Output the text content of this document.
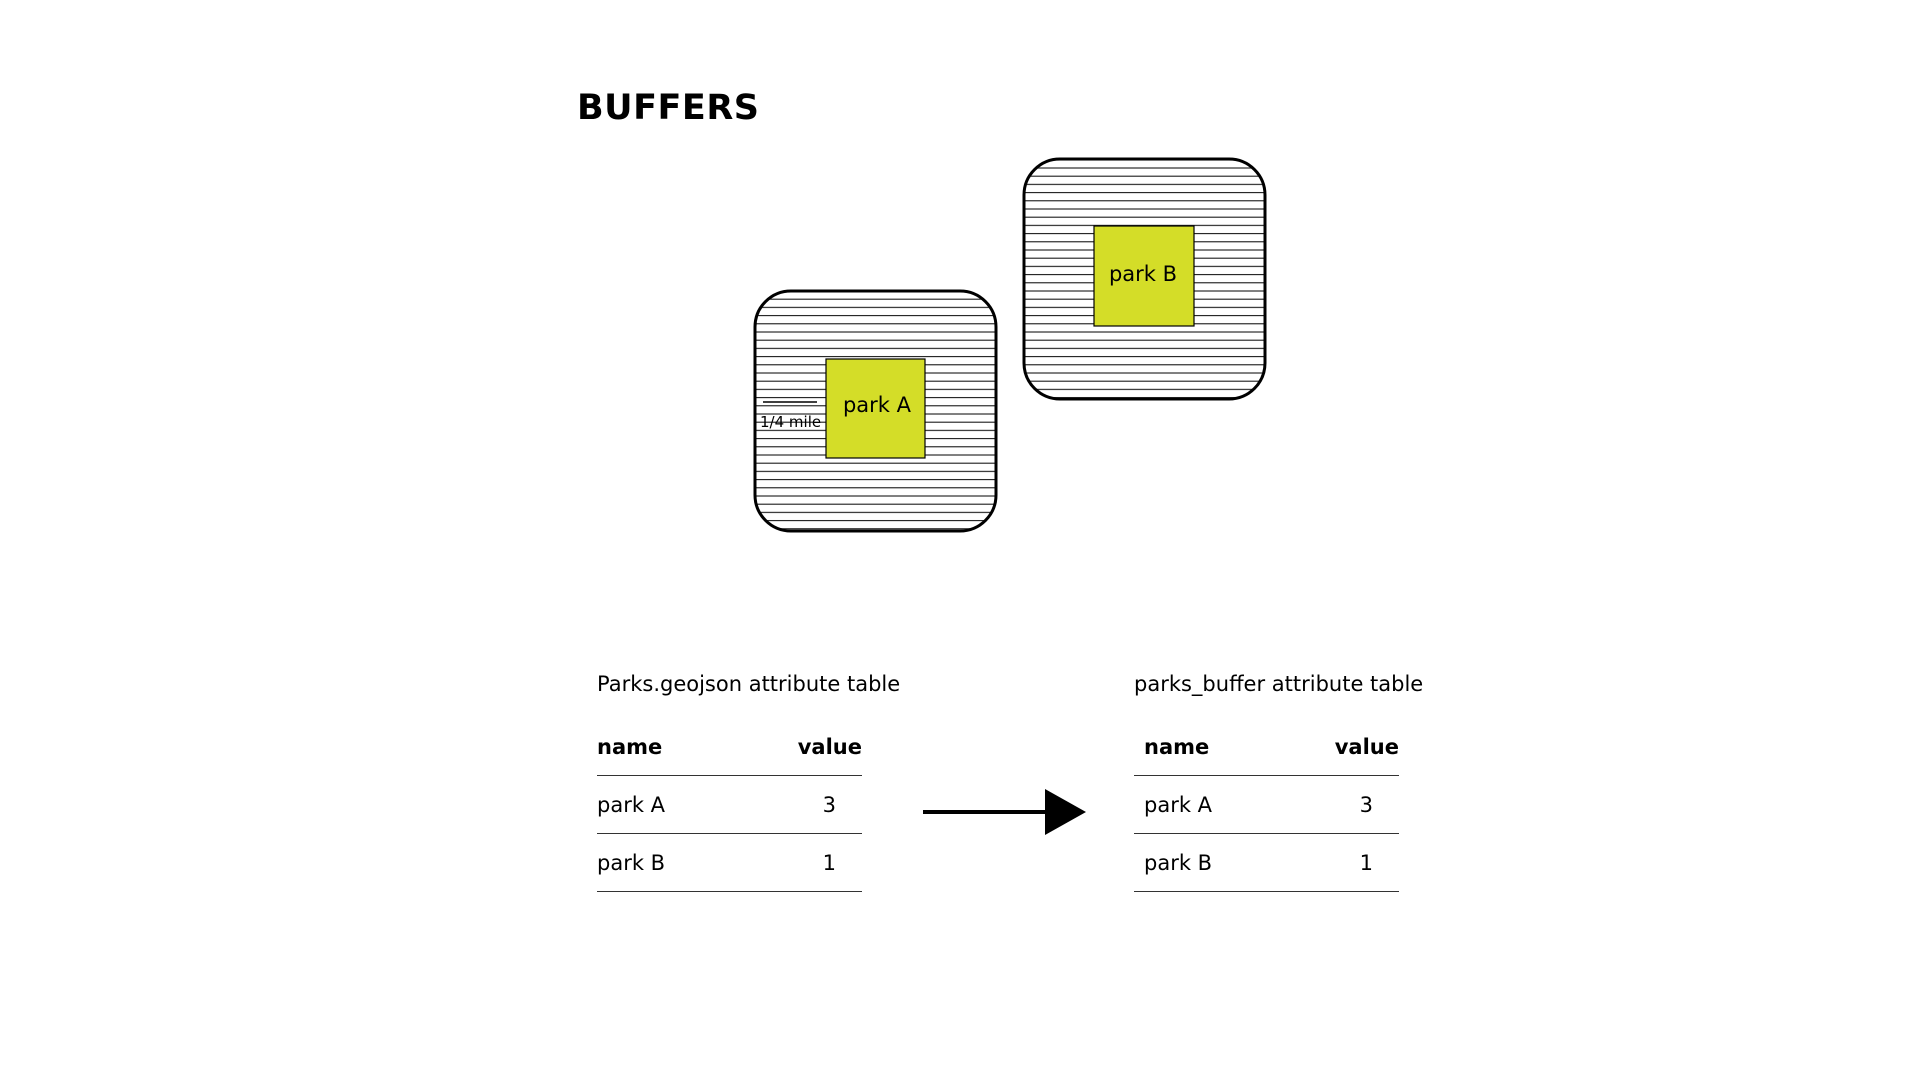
BUFFERS
park A
1/4 mile
park B
Parks.geojson attribute table
name	value
park A	3
park B	1
parks_buffer attribute table
name	value
park A	3
park B	1
